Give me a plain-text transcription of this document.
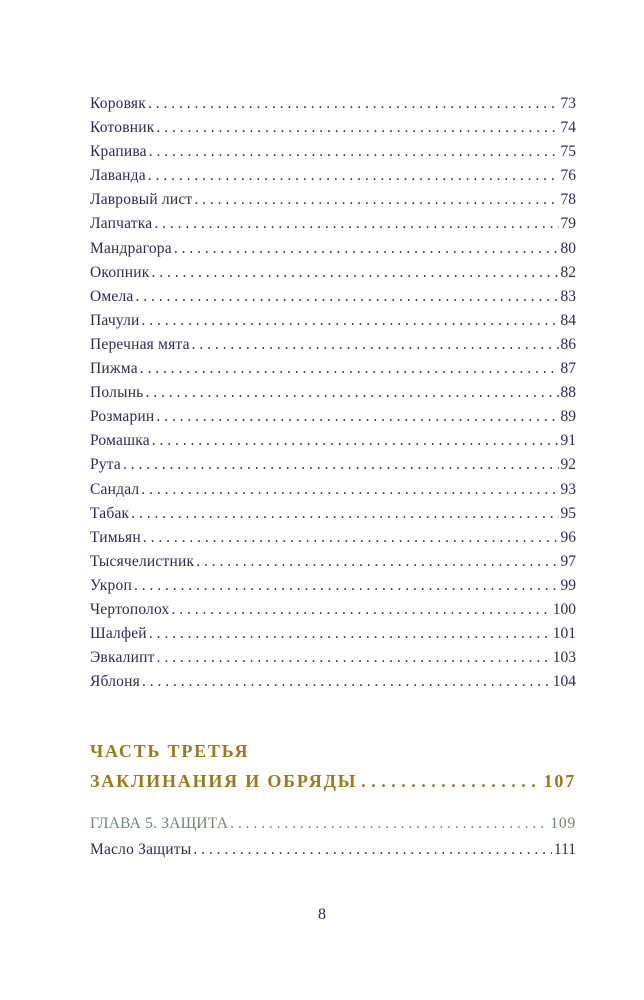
Коровяк . . .	73
Котовник . . .	74
Крапива . . .	75
Лаванда . . .	76
Лавровый лист . . .	78
Лапчатка . . .	79
Мандрагора . . .	80
Окопник . . .	82
Омела . . .	83
Пачули . . .	84
Перечная мята . . .	86
Пижма . . .	87
Полынь . . .	88
Розмарин . . .	89
Ромашка . . .	91
Рута . . .	92
Сандал . . .	93
Табак . . .	95
Тимьян . . .	96
Тысячелистник . . .	97
Укроп . . .	99
Чертополох . . .	100
Шалфей . . .	101
Эвкалипт . . .	103
Яблоня . . .	104
ЧАСТЬ ТРЕТЬЯ
ЗАКЛИНАНИЯ И ОБРЯДЫ . . .	107
ГЛАВА 5. ЗАЩИТА . . .	109
Масло Защиты . . .	111
8
